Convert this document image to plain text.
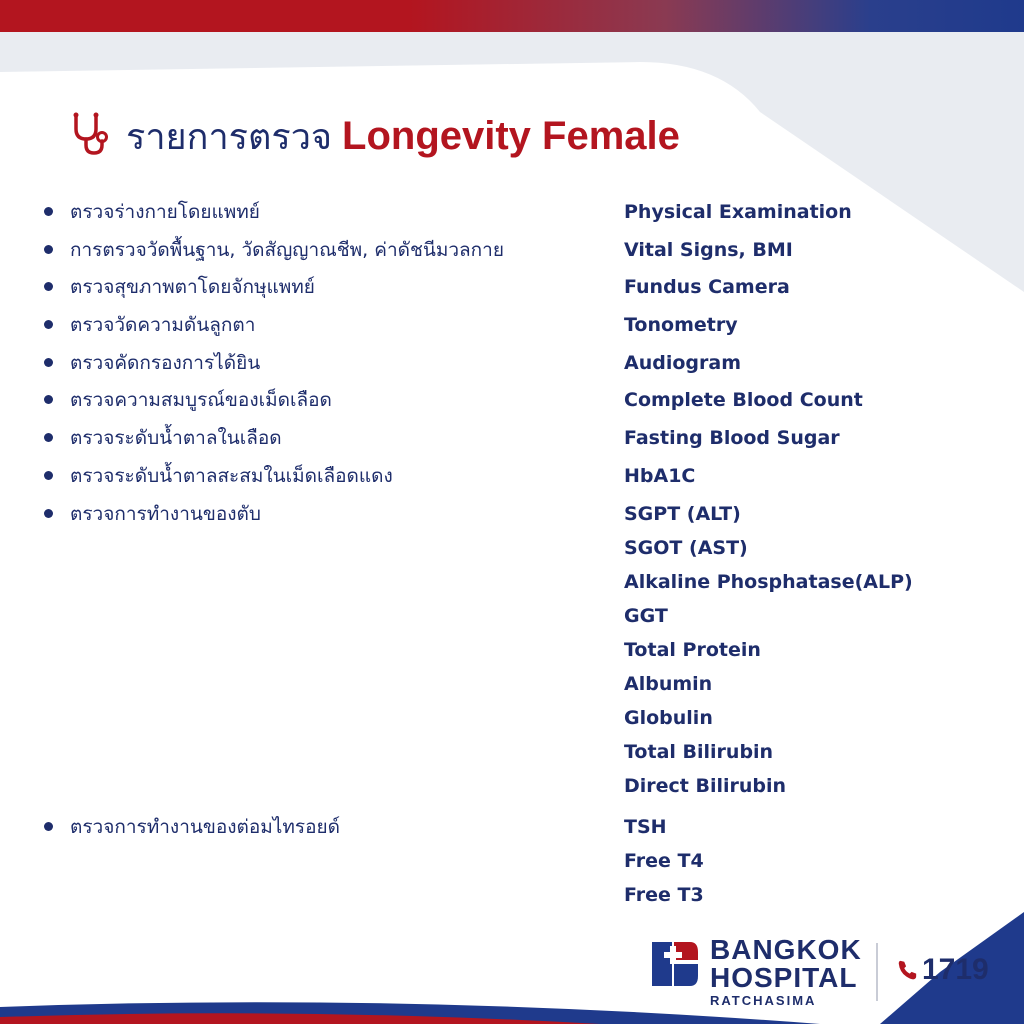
รายการตรวจ Longevity Female
ตรวจร่างกายโดยแพทย์	Physical Examination
การตรวจวัดพื้นฐาน, วัดสัญญาณชีพ, ค่าดัชนีมวลกาย	Vital Signs, BMI
ตรวจสุขภาพตาโดยจักษุแพทย์	Fundus Camera
ตรวจวัดความดันลูกตา	Tonometry
ตรวจคัดกรองการได้ยิน	Audiogram
ตรวจความสมบูรณ์ของเม็ดเลือด	Complete Blood Count
ตรวจระดับน้ำตาลในเลือด	Fasting Blood Sugar
ตรวจระดับน้ำตาลสะสมในเม็ดเลือดแดง	HbA1C
ตรวจการทำงานของตับ	SGPT (ALT)
SGOT (AST)
Alkaline Phosphatase(ALP)
GGT
Total Protein
Albumin
Globulin
Total Bilirubin
Direct Bilirubin
ตรวจการทำงานของต่อมไทรอยด์	TSH
Free T4
Free T3
BANGKOK
HOSPITAL
RATCHASIMA
1719
